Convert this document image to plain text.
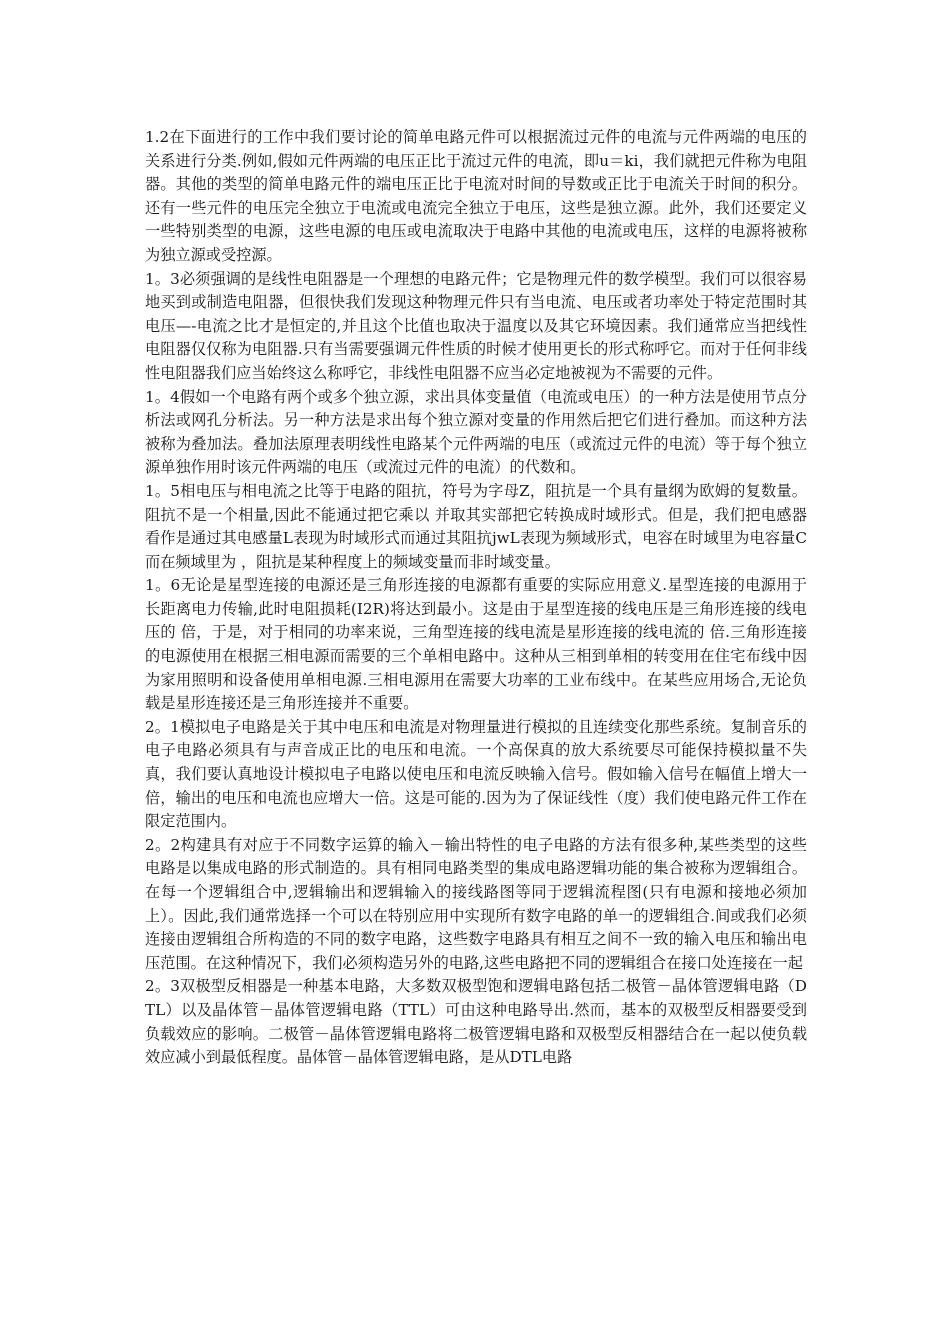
1.2在下面进行的工作中我们要讨论的简单电路元件可以根据流过元件的电流与元件两端的电压的关系进行分类.例如,假如元件两端的电压正比于流过元件的电流，即u＝ki，我们就把元件称为电阻器。其他的类型的简单电路元件的端电压正比于电流对时间的导数或正比于电流关于时间的积分。还有一些元件的电压完全独立于电流或电流完全独立于电压，这些是独立源。此外，我们还要定义一些特别类型的电源，这些电源的电压或电流取决于电路中其他的电流或电压，这样的电源将被称为独立源或受控源。

1。3必须强调的是线性电阻器是一个理想的电路元件；它是物理元件的数学模型。我们可以很容易地买到或制造电阻器，但很快我们发现这种物理元件只有当电流、电压或者功率处于特定范围时其电压—-电流之比才是恒定的,并且这个比值也取决于温度以及其它环境因素。我们通常应当把线性电阻器仅仅称为电阻器.只有当需要强调元件性质的时候才使用更长的形式称呼它。而对于任何非线性电阻器我们应当始终这么称呼它，非线性电阻器不应当必定地被视为不需要的元件。

1。4假如一个电路有两个或多个独立源，求出具体变量值（电流或电压）的一种方法是使用节点分析法或网孔分析法。另一种方法是求出每个独立源对变量的作用然后把它们进行叠加。而这种方法被称为叠加法。叠加法原理表明线性电路某个元件两端的电压（或流过元件的电流）等于每个独立源单独作用时该元件两端的电压（或流过元件的电流）的代数和。

1。5相电压与相电流之比等于电路的阻抗，符号为字母Z，阻抗是一个具有量纲为欧姆的复数量。阻抗不是一个相量,因此不能通过把它乘以 并取其实部把它转换成时域形式。但是，我们把电感器看作是通过其电感量L表现为时域形式而通过其阻抗jwL表现为频域形式，电容在时域里为电容量C而在频域里为 ，阻抗是某种程度上的频域变量而非时域变量。

1。6无论是星型连接的电源还是三角形连接的电源都有重要的实际应用意义.星型连接的电源用于长距离电力传输,此时电阻损耗(I2R)将达到最小。这是由于星型连接的线电压是三角形连接的线电压的 倍，于是，对于相同的功率来说，三角型连接的线电流是星形连接的线电流的 倍.三角形连接的电源使用在根据三相电源而需要的三个单相电路中。这种从三相到单相的转变用在住宅布线中因为家用照明和设备使用单相电源.三相电源用在需要大功率的工业布线中。在某些应用场合,无论负载是星形连接还是三角形连接并不重要。

2。1模拟电子电路是关于其中电压和电流是对物理量进行模拟的且连续变化那些系统。复制音乐的电子电路必须具有与声音成正比的电压和电流。一个高保真的放大系统要尽可能保持模拟量不失真，我们要认真地设计模拟电子电路以使电压和电流反映输入信号。假如输入信号在幅值上增大一倍，输出的电压和电流也应增大一倍。这是可能的.因为为了保证线性（度）我们使电路元件工作在限定范围内。

2。2构建具有对应于不同数字运算的输入－输出特性的电子电路的方法有很多种,某些类型的这些电路是以集成电路的形式制造的。具有相同电路类型的集成电路逻辑功能的集合被称为逻辑组合。在每一个逻辑组合中,逻辑输出和逻辑输入的接线路图等同于逻辑流程图(只有电源和接地必须加上）。因此,我们通常选择一个可以在特别应用中实现所有数字电路的单一的逻辑组合.间或我们必须连接由逻辑组合所构造的不同的数字电路，这些数字电路具有相互之间不一致的输入电压和输出电压范围。在这种情况下，我们必须构造另外的电路,这些电路把不同的逻辑组合在接口处连接在一起

2。3双极型反相器是一种基本电路，大多数双极型饱和逻辑电路包括二极管－晶体管逻辑电路（DTL）以及晶体管－晶体管逻辑电路（TTL）可由这种电路导出.然而，基本的双极型反相器要受到负载效应的影响。二极管－晶体管逻辑电路将二极管逻辑电路和双极型反相器结合在一起以使负载效应减小到最低程度。晶体管－晶体管逻辑电路，是从DTL电路
